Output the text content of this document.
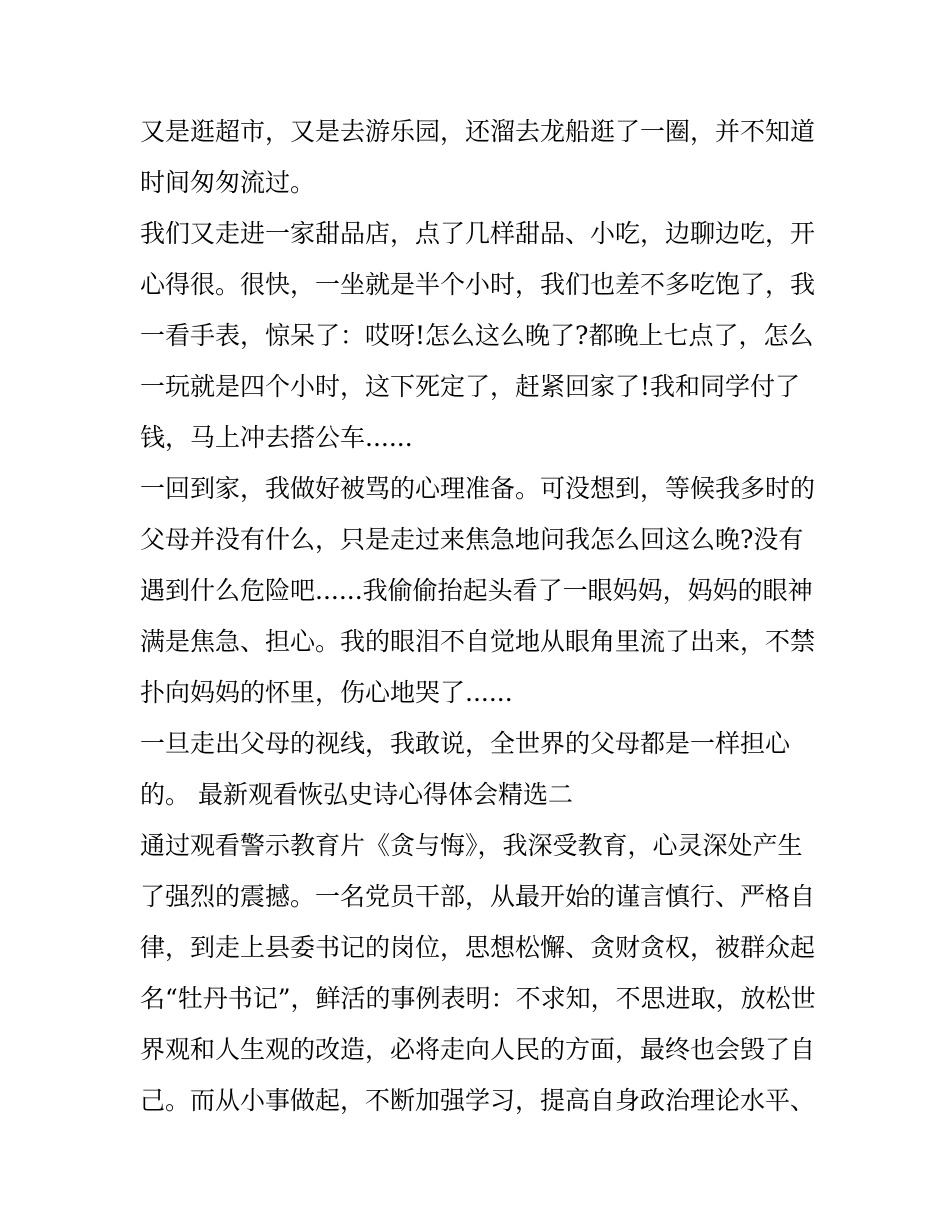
又是逛超市，又是去游乐园，还溜去龙船逛了一圈，并不知道
时间匆匆流过。
我们又走进一家甜品店，点了几样甜品、小吃，边聊边吃，开
心得很。很快，一坐就是半个小时，我们也差不多吃饱了，我
一看手表，惊呆了：哎呀!怎么这么晚了?都晚上七点了，怎么
一玩就是四个小时，这下死定了，赶紧回家了!我和同学付了
钱，马上冲去搭公车......
一回到家，我做好被骂的心理准备。可没想到，等候我多时的
父母并没有什么，只是走过来焦急地问我怎么回这么晚?没有
遇到什么危险吧......我偷偷抬起头看了一眼妈妈，妈妈的眼神
满是焦急、担心。我的眼泪不自觉地从眼角里流了出来，不禁
扑向妈妈的怀里，伤心地哭了......
一旦走出父母的视线，我敢说，全世界的父母都是一样担心
的。 最新观看恢弘史诗心得体会精选二
通过观看警示教育片《贪与悔》，我深受教育，心灵深处产生
了强烈的震撼。一名党员干部，从最开始的谨言慎行、严格自
律，到走上县委书记的岗位，思想松懈、贪财贪权，被群众起
名“牡丹书记”，鲜活的事例表明：不求知，不思进取，放松世
界观和人生观的改造，必将走向人民的方面，最终也会毁了自
己。而从小事做起，不断加强学习，提高自身政治理论水平、
